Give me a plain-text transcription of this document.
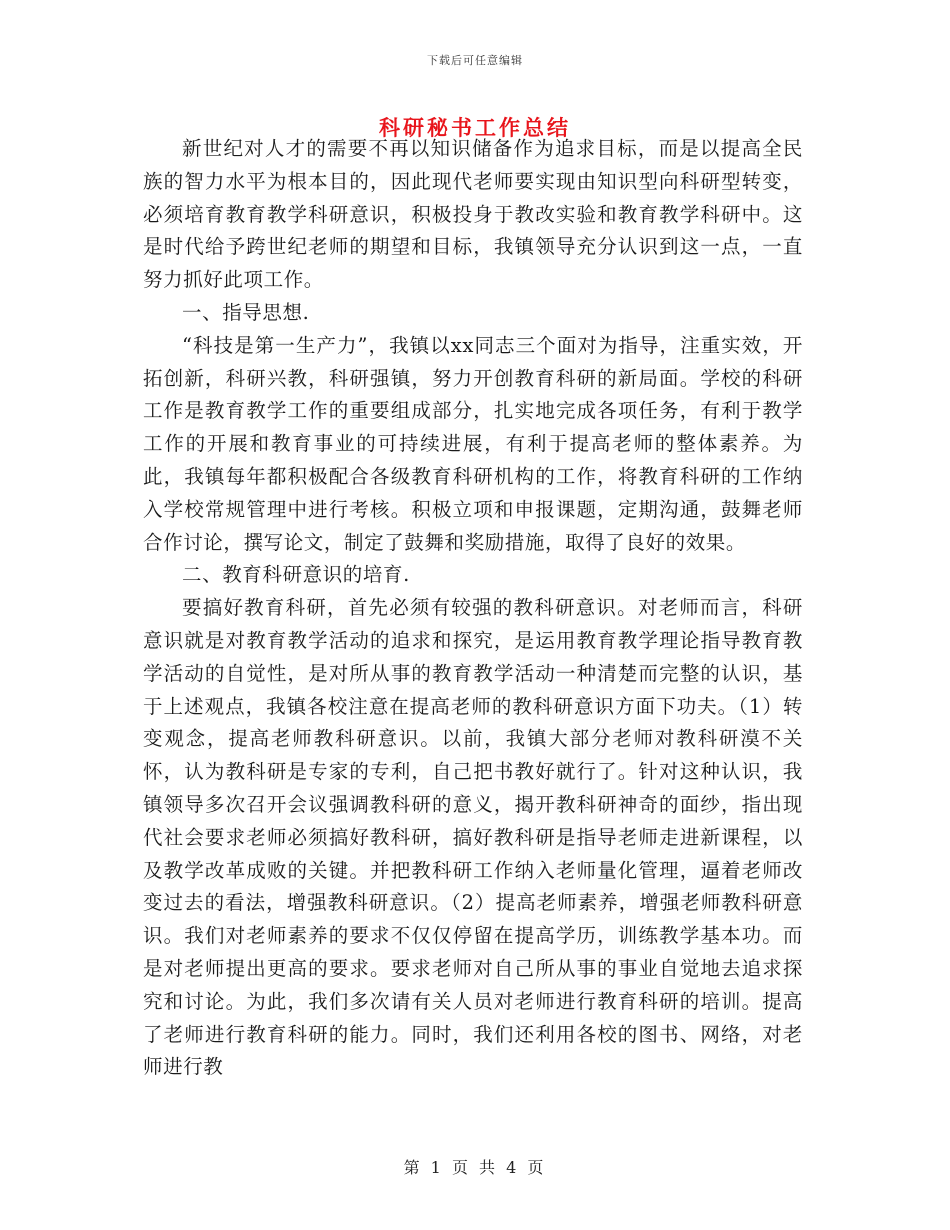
下载后可任意编辑
科研秘书工作总结

新世纪对人才的需要不再以知识储备作为追求目标，而是以提高全民族的智力水平为根本目的，因此现代老师要实现由知识型向科研型转变，必须培育教育教学科研意识，积极投身于教改实验和教育教学科研中。这是时代给予跨世纪老师的期望和目标，我镇领导充分认识到这一点，一直努力抓好此项工作。

一、指导思想.

“科技是第一生产力”，我镇以xx同志三个面对为指导，注重实效，开拓创新，科研兴教，科研强镇，努力开创教育科研的新局面。学校的科研工作是教育教学工作的重要组成部分，扎实地完成各项任务，有利于教学工作的开展和教育事业的可持续进展，有利于提高老师的整体素养。为此，我镇每年都积极配合各级教育科研机构的工作，将教育科研的工作纳入学校常规管理中进行考核。积极立项和申报课题，定期沟通，鼓舞老师合作讨论，撰写论文，制定了鼓舞和奖励措施，取得了良好的效果。

二、教育科研意识的培育.

要搞好教育科研，首先必须有较强的教科研意识。对老师而言，科研意识就是对教育教学活动的追求和探究，是运用教育教学理论指导教育教学活动的自觉性，是对所从事的教育教学活动一种清楚而完整的认识，基于上述观点，我镇各校注意在提高老师的教科研意识方面下功夫。（1）转变观念，提高老师教科研意识。以前，我镇大部分老师对教科研漠不关怀，认为教科研是专家的专利，自己把书教好就行了。针对这种认识，我镇领导多次召开会议强调教科研的意义，揭开教科研神奇的面纱，指出现代社会要求老师必须搞好教科研，搞好教科研是指导老师走进新课程，以及教学改革成败的关键。并把教科研工作纳入老师量化管理，逼着老师改变过去的看法，增强教科研意识。（2）提高老师素养，增强老师教科研意识。我们对老师素养的要求不仅仅停留在提高学历，训练教学基本功。而是对老师提出更高的要求。要求老师对自己所从事的事业自觉地去追求探究和讨论。为此，我们多次请有关人员对老师进行教育科研的培训。提高了老师进行教育科研的能力。同时，我们还利用各校的图书、网络，对老师进行教

第 1 页 共 4 页
